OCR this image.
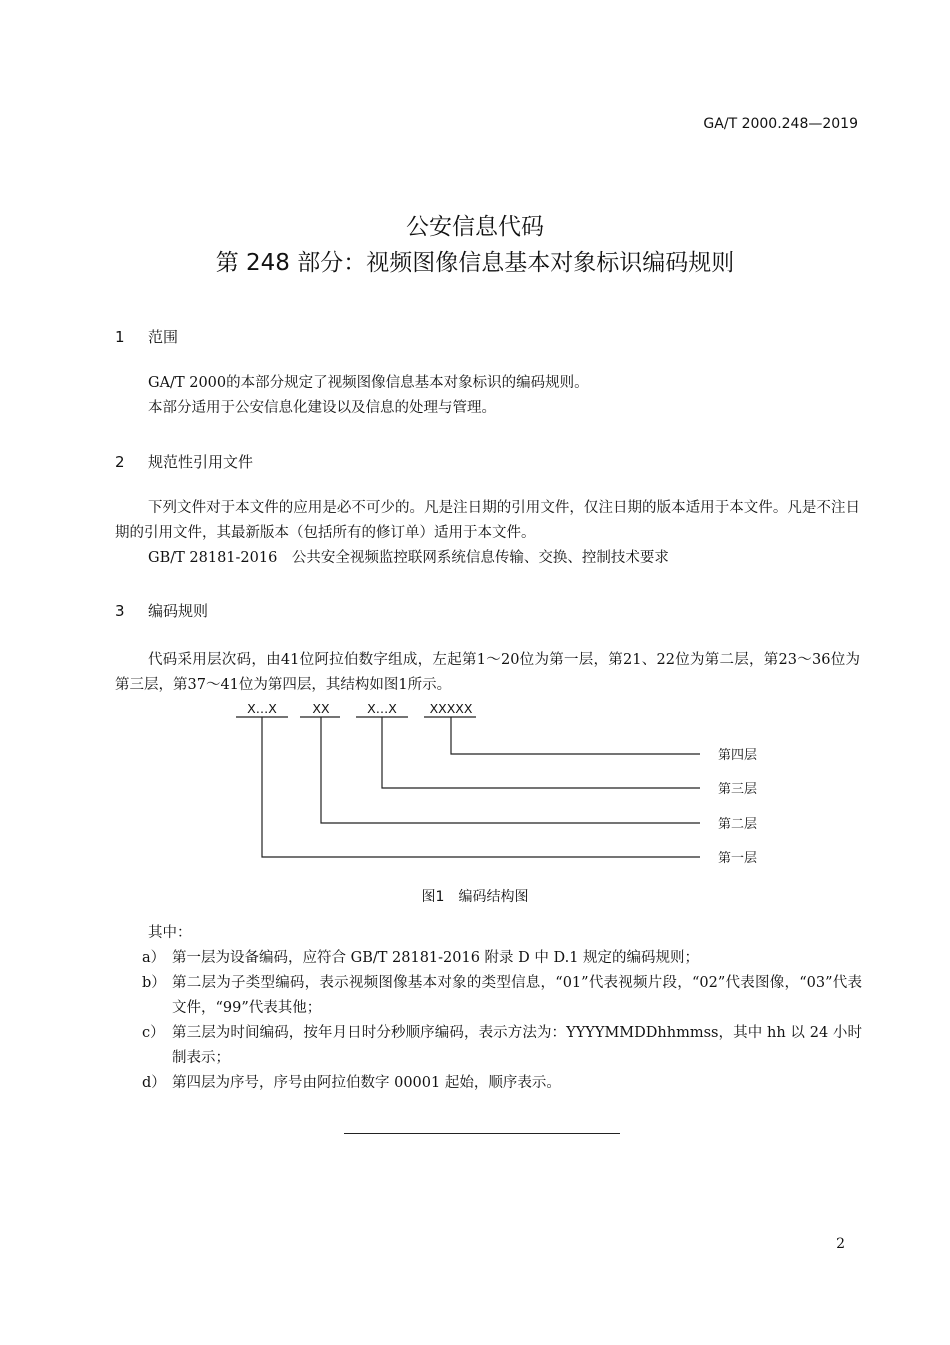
GA/T 2000.248—2019
公安信息代码
第 248 部分：视频图像信息基本对象标识编码规则
1 范围
GA/T 2000的本部分规定了视频图像信息基本对象标识的编码规则。
本部分适用于公安信息化建设以及信息的处理与管理。
2 规范性引用文件
下列文件对于本文件的应用是必不可少的。凡是注日期的引用文件，仅注日期的版本适用于本文件。凡是不注日期的引用文件，其最新版本（包括所有的修订单）适用于本文件。
GB/T 28181-2016　公共安全视频监控联网系统信息传输、交换、控制技术要求
3 编码规则
代码采用层次码，由41位阿拉伯数字组成，左起第1～20位为第一层，第21、22位为第二层，第23～36位为第三层，第37～41位为第四层，其结构如图1所示。
X…X	XX	X…X	XXXXX
第四层
第三层
第二层
第一层
图1　编码结构图
其中：
a） 第一层为设备编码，应符合 GB/T 28181-2016 附录 D 中 D.1 规定的编码规则；
b） 第二层为子类型编码，表示视频图像基本对象的类型信息，“01”代表视频片段，“02”代表图像，“03”代表文件，“99”代表其他；
c） 第三层为时间编码，按年月日时分秒顺序编码，表示方法为：YYYYMMDDhhmmss，其中 hh 以 24 小时制表示；
d） 第四层为序号，序号由阿拉伯数字 00001 起始，顺序表示。
2
